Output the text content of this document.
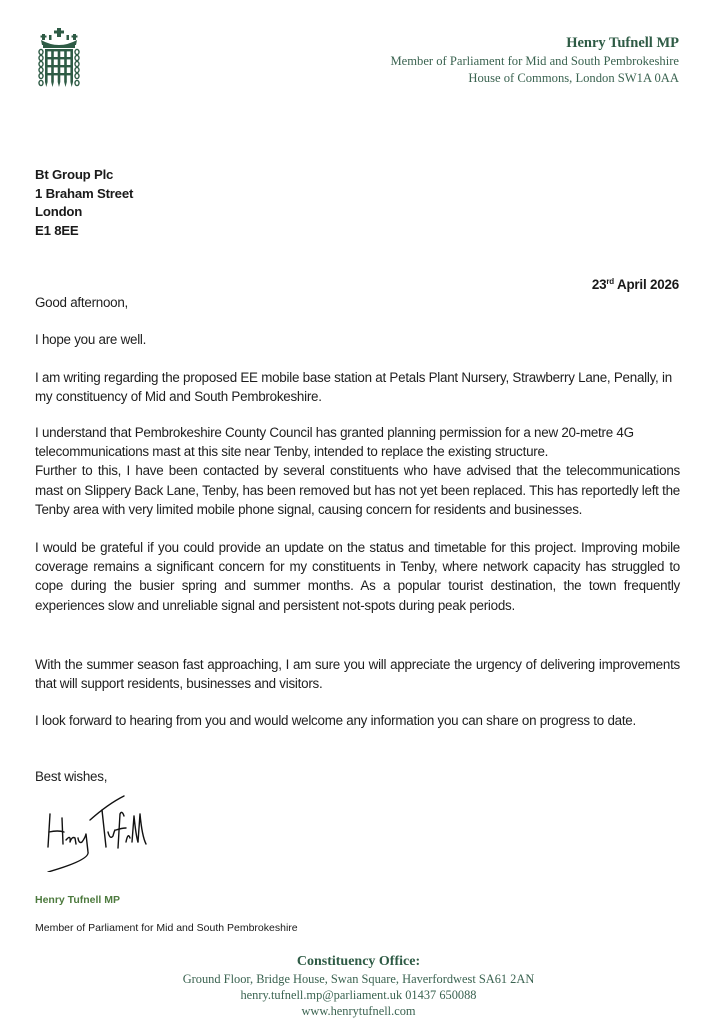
Henry Tufnell MP
Member of Parliament for Mid and South Pembrokeshire
House of Commons, London SW1A 0AA
Bt Group Plc
1 Braham Street
London
E1 8EE
23rd April 2026
Good afternoon,
I hope you are well.
I am writing regarding the proposed EE mobile base station at Petals Plant Nursery, Strawberry Lane, Penally, in my constituency of Mid and South Pembrokeshire.
I understand that Pembrokeshire County Council has granted planning permission for a new 20-metre 4G telecommunications mast at this site near Tenby, intended to replace the existing structure.
Further to this, I have been contacted by several constituents who have advised that the telecommunications mast on Slippery Back Lane, Tenby, has been removed but has not yet been replaced. This has reportedly left the Tenby area with very limited mobile phone signal, causing concern for residents and businesses.
I would be grateful if you could provide an update on the status and timetable for this project. Improving mobile coverage remains a significant concern for my constituents in Tenby, where network capacity has struggled to cope during the busier spring and summer months. As a popular tourist destination, the town frequently experiences slow and unreliable signal and persistent not-spots during peak periods.
With the summer season fast approaching, I am sure you will appreciate the urgency of delivering improvements that will support residents, businesses and visitors.
I look forward to hearing from you and would welcome any information you can share on progress to date.
Best wishes,
Henry Tufnell MP
Member of Parliament for Mid and South Pembrokeshire
Constituency Office:
Ground Floor, Bridge House, Swan Square, Haverfordwest SA61 2AN
henry.tufnell.mp@parliament.uk 01437 650088
www.henrytufnell.com
